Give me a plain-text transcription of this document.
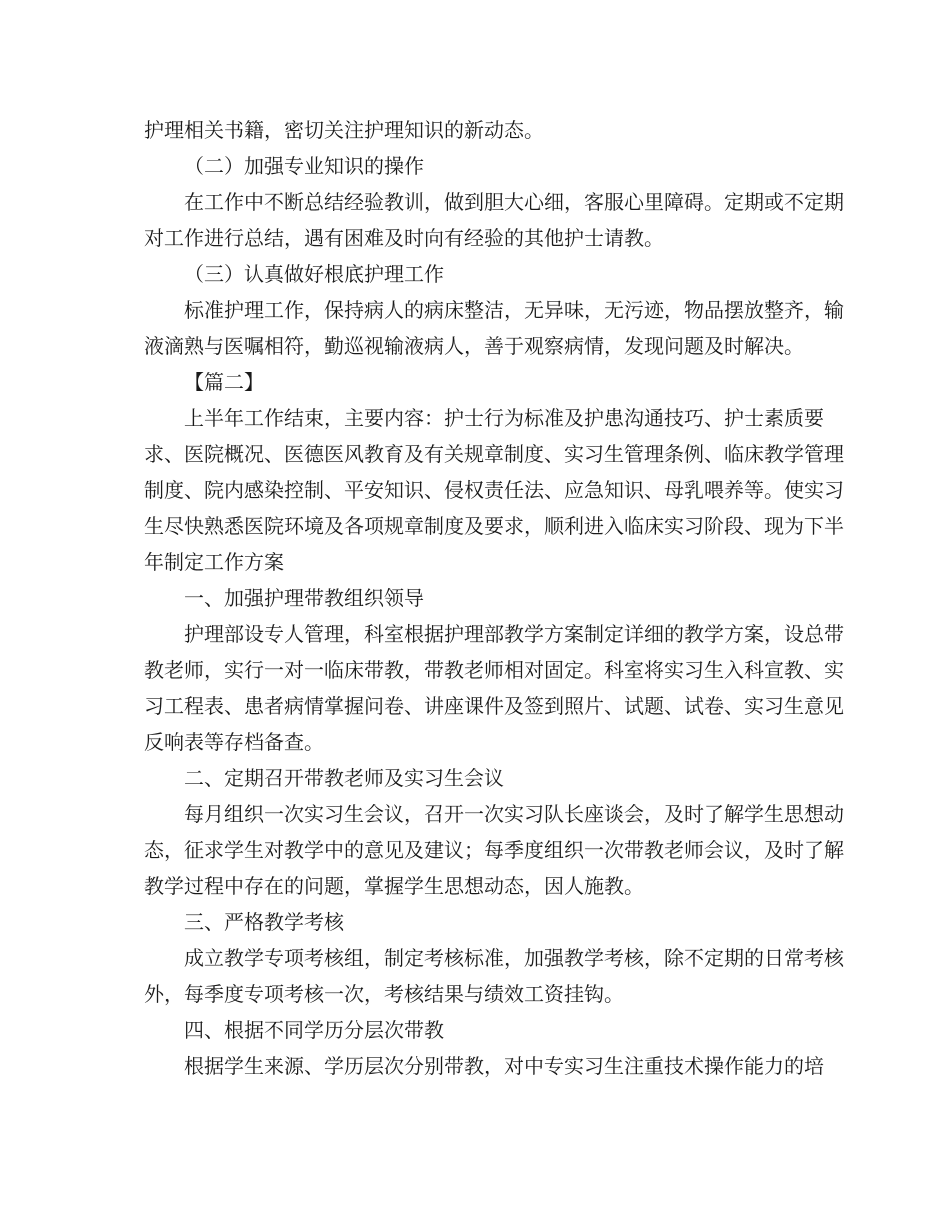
护理相关书籍，密切关注护理知识的新动态。
（二）加强专业知识的操作
在工作中不断总结经验教训，做到胆大心细，客服心里障碍。定期或不定期
对工作进行总结，遇有困难及时向有经验的其他护士请教。
（三）认真做好根底护理工作
标准护理工作，保持病人的病床整洁，无异味，无污迹，物品摆放整齐，输
液滴熟与医嘱相符，勤巡视输液病人，善于观察病情，发现问题及时解决。
【篇二】
上半年工作结束，主要内容：护士行为标准及护患沟通技巧、护士素质要
求、医院概况、医德医风教育及有关规章制度、实习生管理条例、临床教学管理
制度、院内感染控制、平安知识、侵权责任法、应急知识、母乳喂养等。使实习
生尽快熟悉医院环境及各项规章制度及要求，顺利进入临床实习阶段、现为下半
年制定工作方案
一、加强护理带教组织领导
护理部设专人管理，科室根据护理部教学方案制定详细的教学方案，设总带
教老师，实行一对一临床带教，带教老师相对固定。科室将实习生入科宣教、实
习工程表、患者病情掌握问卷、讲座课件及签到照片、试题、试卷、实习生意见
反响表等存档备查。
二、定期召开带教老师及实习生会议
每月组织一次实习生会议，召开一次实习队长座谈会，及时了解学生思想动
态，征求学生对教学中的意见及建议；每季度组织一次带教老师会议，及时了解
教学过程中存在的问题，掌握学生思想动态，因人施教。
三、严格教学考核
成立教学专项考核组，制定考核标准，加强教学考核，除不定期的日常考核
外，每季度专项考核一次，考核结果与绩效工资挂钩。
四、根据不同学历分层次带教
根据学生来源、学历层次分别带教，对中专实习生注重技术操作能力的培
